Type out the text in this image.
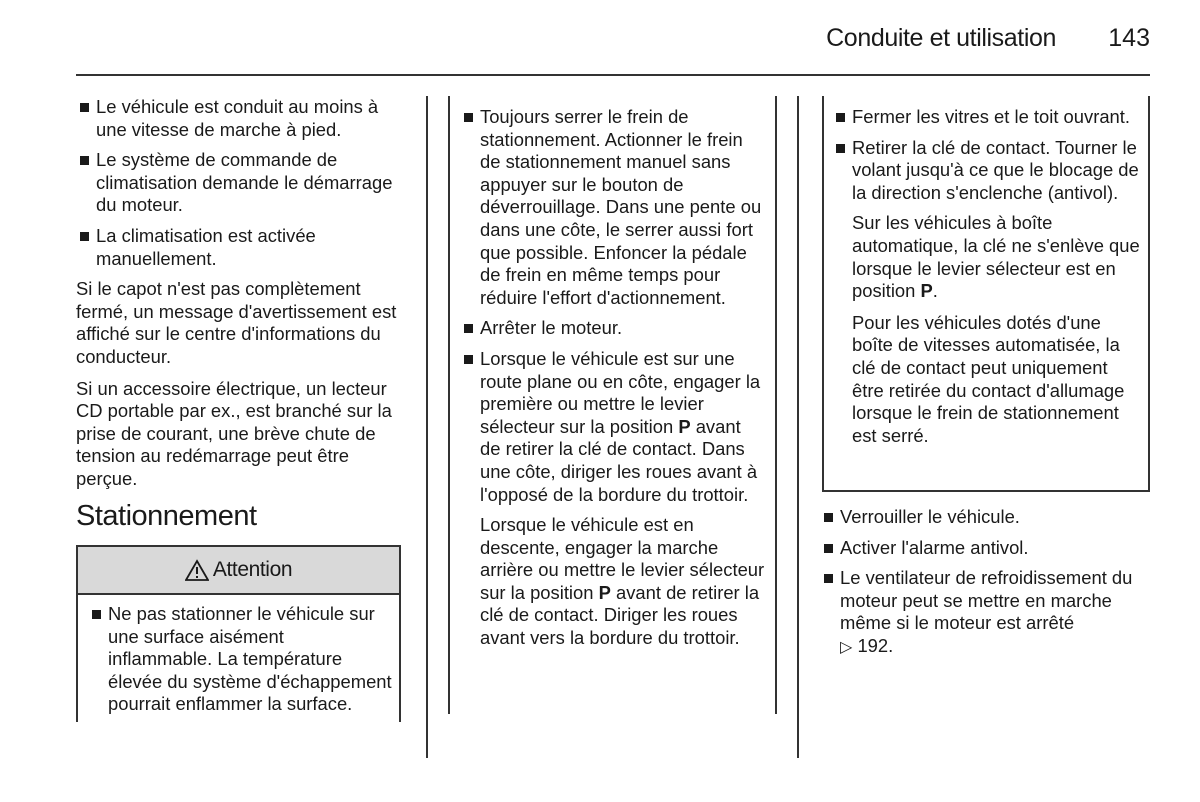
Conduite et utilisation	143
Le véhicule est conduit au moins à une vitesse de marche à pied.
Le système de commande de climatisation demande le démarrage du moteur.
La climatisation est activée manuellement.

Si le capot n'est pas complètement fermé, un message d'avertissement est affiché sur le centre d'informations du conducteur.

Si un accessoire électrique, un lecteur CD portable par ex., est branché sur la prise de courant, une brève chute de tension au redémarrage peut être perçue.

Stationnement
Attention
Ne pas stationner le véhicule sur une surface aisément inflammable. La température élevée du système d'échappement pourrait enflammer la surface.
Toujours serrer le frein de stationnement. Actionner le frein de stationnement manuel sans appuyer sur le bouton de déverrouillage. Dans une pente ou dans une côte, le serrer aussi fort que possible. Enfoncer la pédale de frein en même temps pour réduire l'effort d'actionnement.
Arrêter le moteur.
Lorsque le véhicule est sur une route plane ou en côte, engager la première ou mettre le levier sélecteur sur la position P avant de retirer la clé de contact. Dans une côte, diriger les roues avant à l'opposé de la bordure du trottoir.
Lorsque le véhicule est en descente, engager la marche arrière ou mettre le levier sélecteur sur la position P avant de retirer la clé de contact. Diriger les roues avant vers la bordure du trottoir.
Fermer les vitres et le toit ouvrant.
Retirer la clé de contact. Tourner le volant jusqu'à ce que le blocage de la direction s'enclenche (antivol).
Sur les véhicules à boîte automatique, la clé ne s'enlève que lorsque le levier sélecteur est en position P.
Pour les véhicules dotés d'une boîte de vitesses automatisée, la clé de contact peut uniquement être retirée du contact d'allumage lorsque le frein de stationnement est serré.
Verrouiller le véhicule.
Activer l'alarme antivol.
Le ventilateur de refroidissement du moteur peut se mettre en marche même si le moteur est arrêté
▷ 192.
